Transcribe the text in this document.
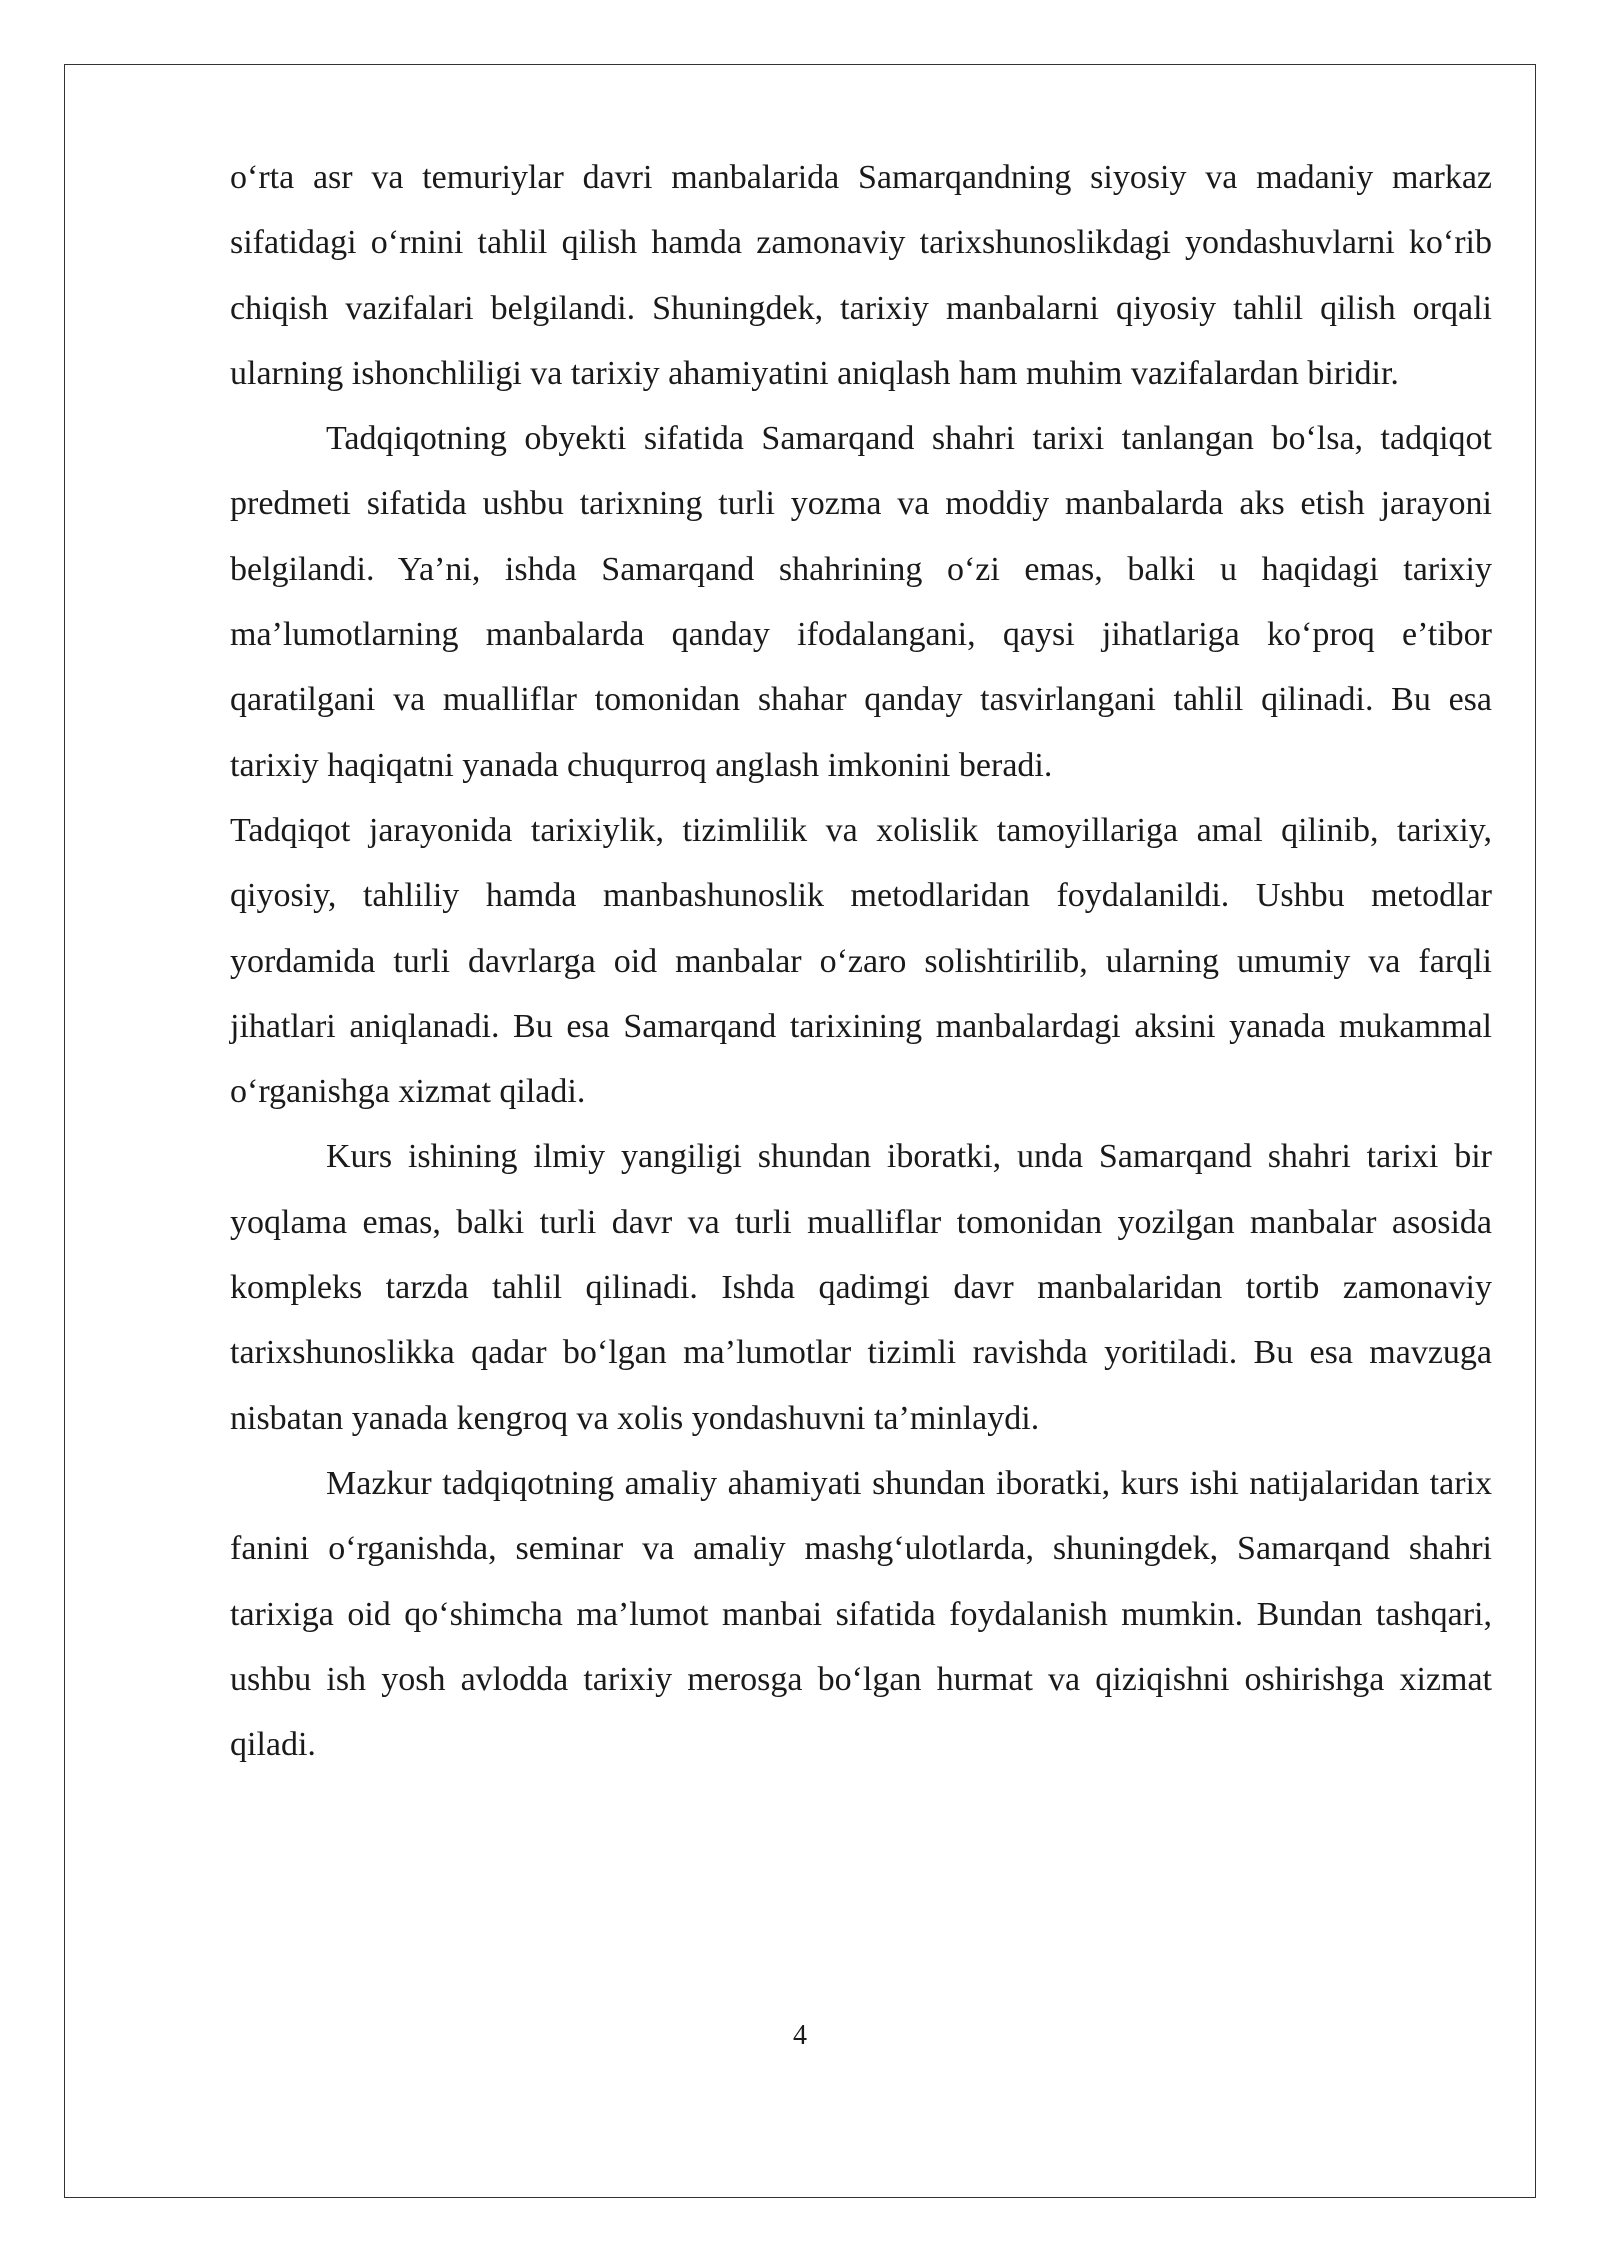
o‘rta asr va temuriylar davri manbalarida Samarqandning siyosiy va madaniy markaz sifatidagi o‘rnini tahlil qilish hamda zamonaviy tarixshunoslikdagi yondashuvlarni ko‘rib chiqish vazifalari belgilandi. Shuningdek, tarixiy manbalarni qiyosiy tahlil qilish orqali ularning ishonchliligi va tarixiy ahamiyatini aniqlash ham muhim vazifalardan biridir.

Tadqiqotning obyekti sifatida Samarqand shahri tarixi tanlangan bo‘lsa, tadqiqot predmeti sifatida ushbu tarixning turli yozma va moddiy manbalarda aks etish jarayoni belgilandi. Ya’ni, ishda Samarqand shahrining o‘zi emas, balki u haqidagi tarixiy ma’lumotlarning manbalarda qanday ifodalangani, qaysi jihatlariga ko‘proq e’tibor qaratilgani va mualliflar tomonidan shahar qanday tasvirlangani tahlil qilinadi. Bu esa tarixiy haqiqatni yanada chuqurroq anglash imkonini beradi.

Tadqiqot jarayonida tarixiylik, tizimlilik va xolislik tamoyillariga amal qilinib, tarixiy, qiyosiy, tahliliy hamda manbashunoslik metodlaridan foydalanildi. Ushbu metodlar yordamida turli davrlarga oid manbalar o‘zaro solishtirilib, ularning umumiy va farqli jihatlari aniqlanadi. Bu esa Samarqand tarixining manbalardagi aksini yanada mukammal o‘rganishga xizmat qiladi.

Kurs ishining ilmiy yangiligi shundan iboratki, unda Samarqand shahri tarixi bir yoqlama emas, balki turli davr va turli mualliflar tomonidan yozilgan manbalar asosida kompleks tarzda tahlil qilinadi. Ishda qadimgi davr manbalaridan tortib zamonaviy tarixshunoslikka qadar bo‘lgan ma’lumotlar tizimli ravishda yoritiladi. Bu esa mavzuga nisbatan yanada kengroq va xolis yondashuvni ta’minlaydi.

Mazkur tadqiqotning amaliy ahamiyati shundan iboratki, kurs ishi natijalaridan tarix fanini o‘rganishda, seminar va amaliy mashg‘ulotlarda, shuningdek, Samarqand shahri tarixiga oid qo‘shimcha ma’lumot manbai sifatida foydalanish mumkin. Bundan tashqari, ushbu ish yosh avlodda tarixiy merosga bo‘lgan hurmat va qiziqishni oshirishga xizmat qiladi.

4
